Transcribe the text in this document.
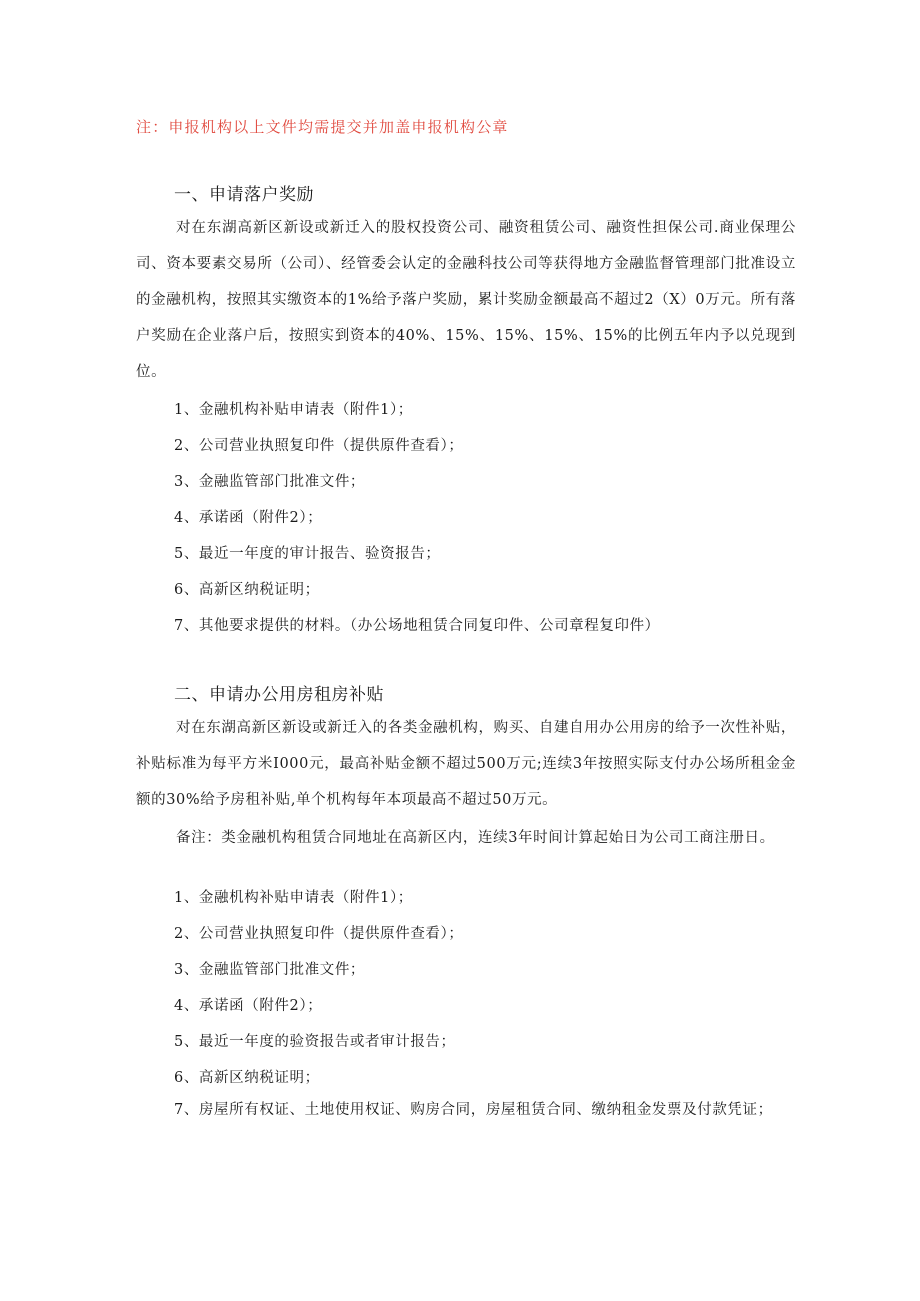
注：申报机构以上文件均需提交并加盖申报机构公章
一、申请落户奖励
对在东湖高新区新设或新迁入的股权投资公司、融资租赁公司、融资性担保公司.商业保理公司、资本要素交易所（公司）、经管委会认定的金融科技公司等获得地方金融监督管理部门批准设立的金融机构，按照其实缴资本的1%给予落户奖励，累计奖励金额最高不超过2（X）0万元。所有落户奖励在企业落户后，按照实到资本的40%、15%、15%、15%、15%的比例五年内予以兑现到位。
1、金融机构补贴申请表（附件1）；
2、公司营业执照复印件（提供原件查看）；
3、金融监管部门批准文件；
4、承诺函（附件2）；
5、最近一年度的审计报告、验资报告；
6、高新区纳税证明；
7、其他要求提供的材料。（办公场地租赁合同复印件、公司章程复印件）
二、申请办公用房租房补贴
对在东湖高新区新设或新迁入的各类金融机构，购买、自建自用办公用房的给予一次性补贴，补贴标准为每平方米I000元，最高补贴金额不超过500万元;连续3年按照实际支付办公场所租金金额的30%给予房租补贴,单个机构每年本项最高不超过50万元。
备注：类金融机构租赁合同地址在高新区内，连续3年时间计算起始日为公司工商注册日。
1、金融机构补贴申请表（附件1）；
2、公司营业执照复印件（提供原件查看）；
3、金融监管部门批准文件；
4、承诺函（附件2）；
5、最近一年度的验资报告或者审计报告；
6、高新区纳税证明；
7、房屋所有权证、土地使用权证、购房合同，房屋租赁合同、缴纳租金发票及付款凭证；
